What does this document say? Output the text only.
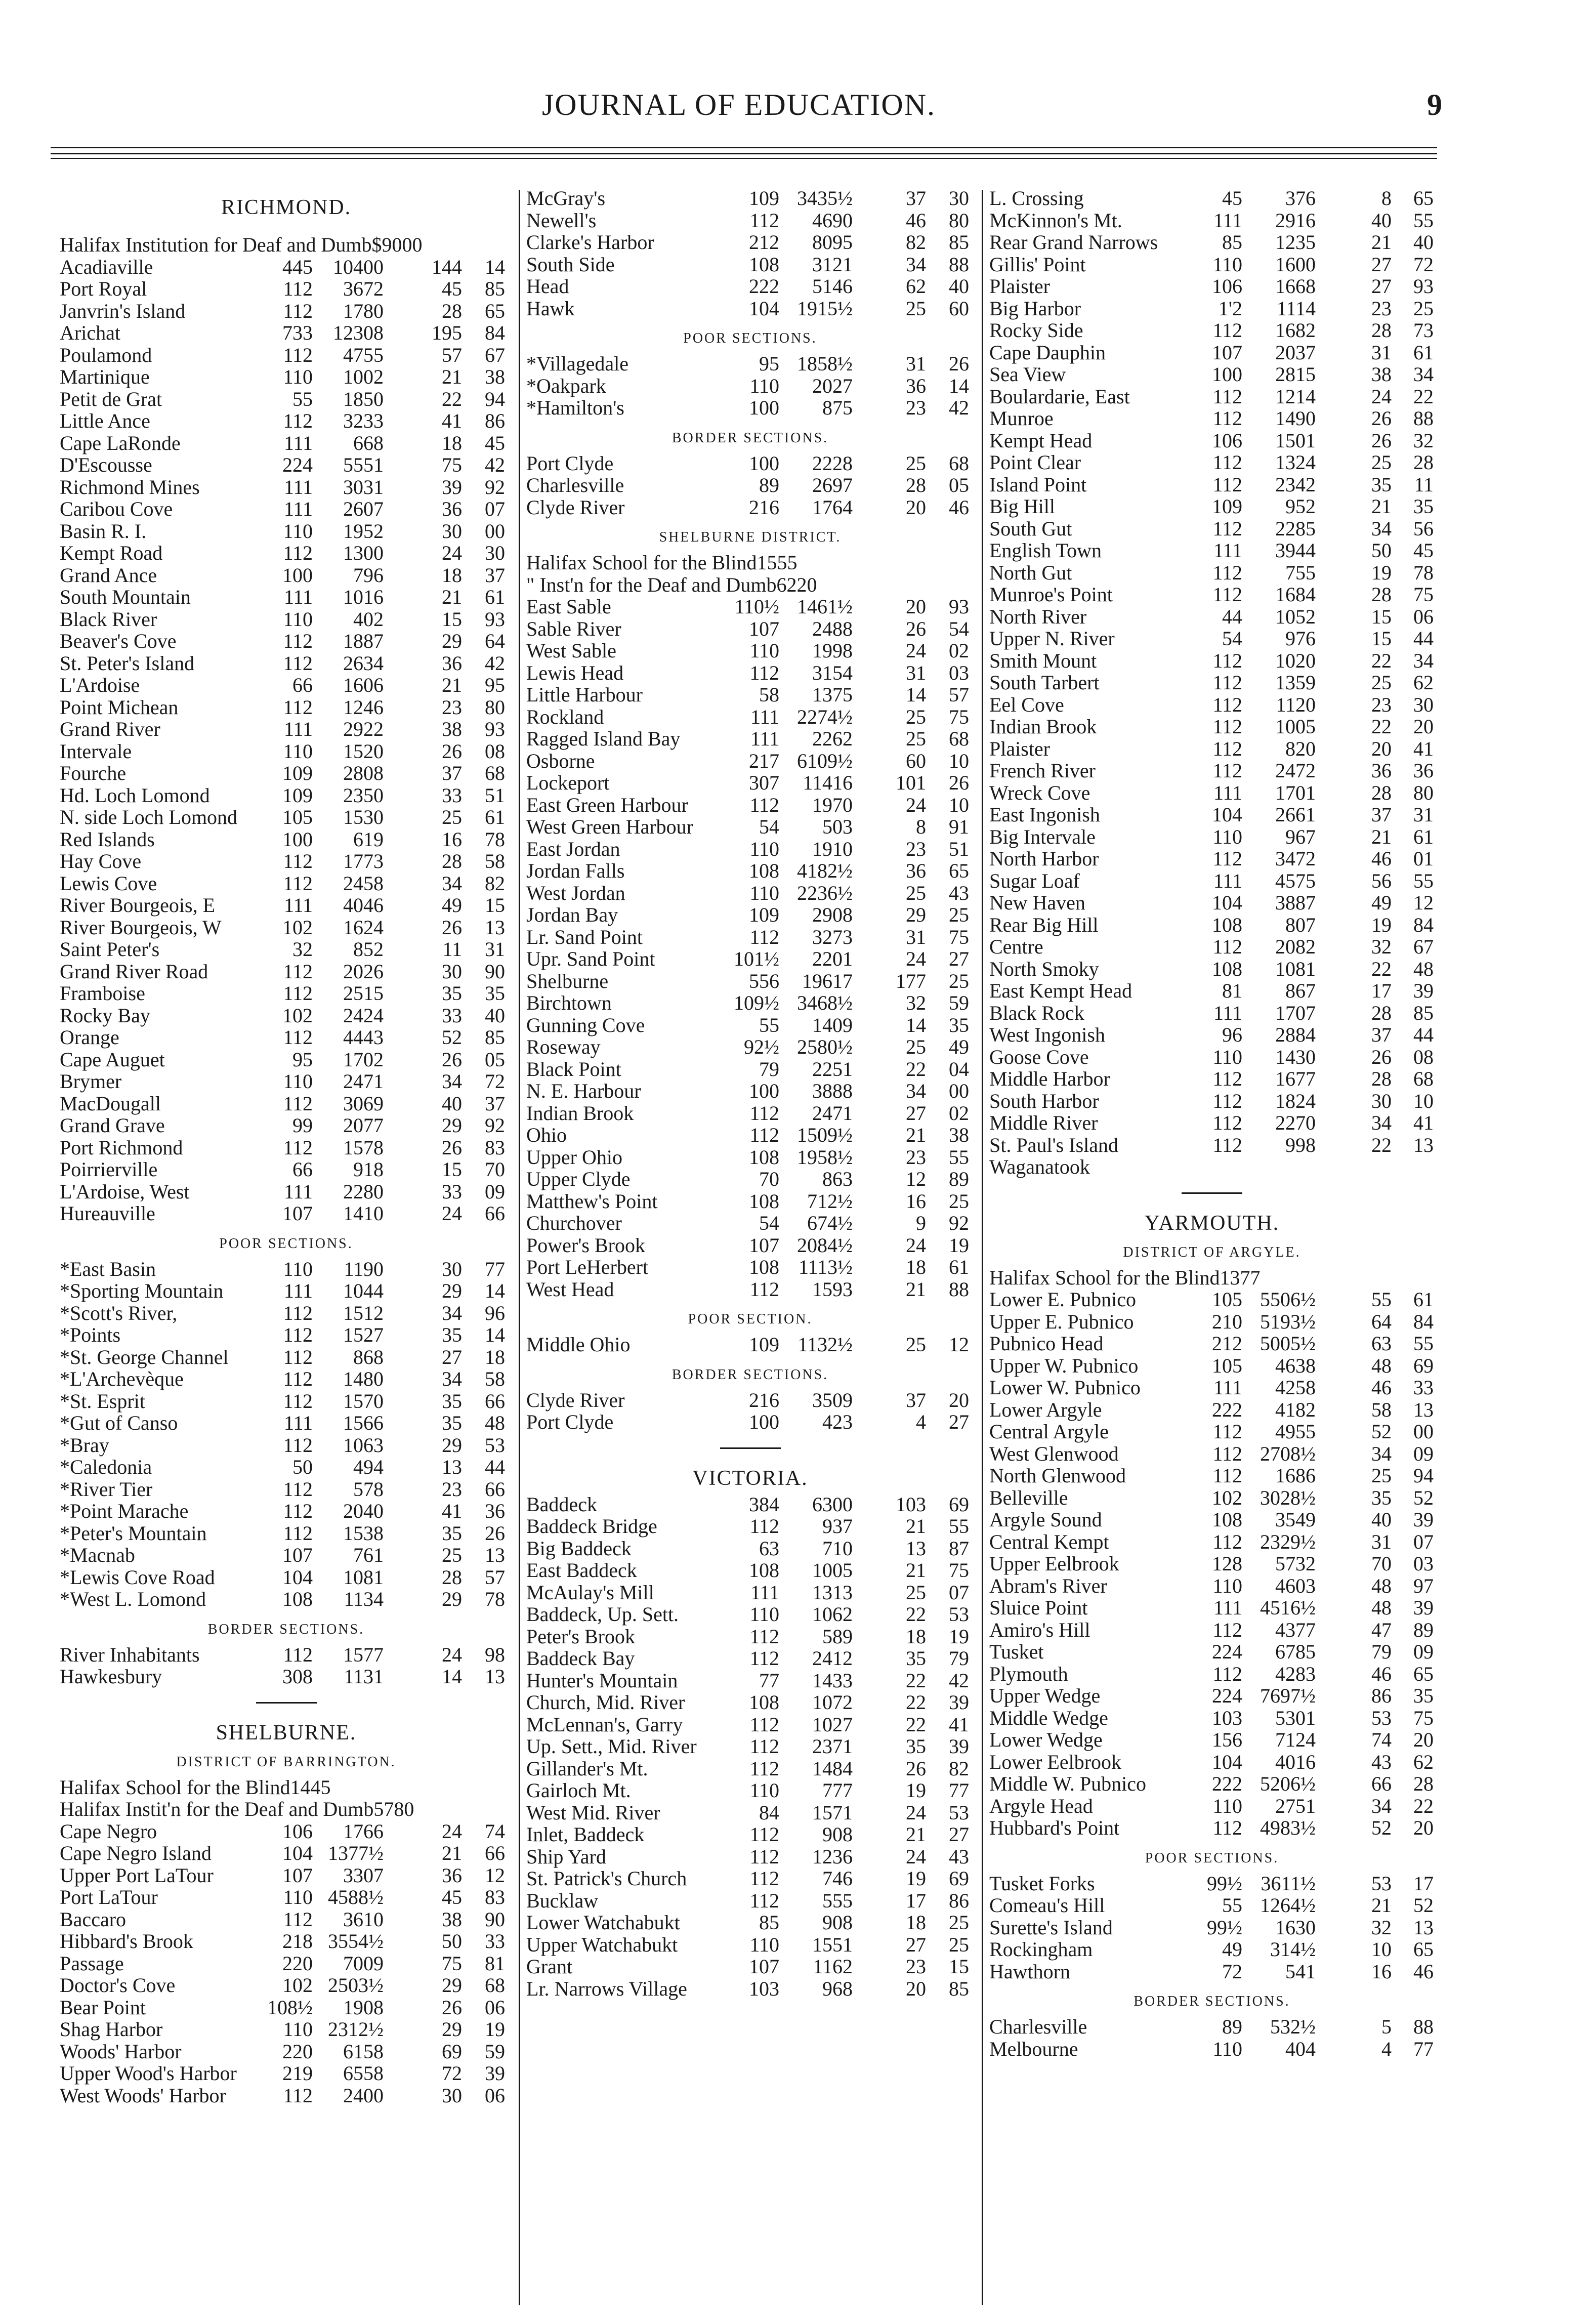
JOURNAL OF EDUCATION.	9
RICHMOND.
Halifax Institution for Deaf and Dumb$9000
Acadiaville	445 10400 144 14
Port Royal	112 3672	45 85
Janvrin's Island	112 1780	28 65
Arichat	733 12308 195 84
Poulamond	112 4755	57 67
Martinique	110 1002	21 38
Petit de Grat	55 1850	22 94
Little Ance	112 3233	41 86
Cape LaRonde	111 668	18 45
D'Escousse	224 5551	75 42
Richmond Mines	111 3031	39 92
Caribou Cove	111 2607	36 07
Basin R. I.	110 1952	30 00
Kempt Road	112 1300	24 30
Grand Ance	100 796	18 37
South Mountain	111 1016	21 61
Black River	110 402	15 93
Beaver's Cove	112 1887	29 64
St. Peter's Island	112 2634	36 42
L'Ardoise	66 1606	21 95
Point Michean	112 1246	23 80
Grand River	111 2922	38 93
Intervale	110 1520	26 08
Fourche	109 2808	37 68
Hd. Loch Lomond	109 2350	33 51
N. side Loch Lomond 105 1530	25 61
Red Islands	100 619	16 78
Hay Cove	112 1773	28 58
Lewis Cove	112 2458	34 82
River Bourgeois, E	111 4046	49 15
River Bourgeois, W	102 1624	26 13
Saint Peter's	32 852	11 31
Grand River Road	112 2026	30 90
Framboise	112 2515	35 35
Rocky Bay	102 2424	33 40
Orange	112 4443	52 85
Cape Auguet	95 1702	26 05
Brymer	110 2471	34 72
MacDougall	112 3069	40 37
Grand Grave	99 2077	29 92
Port Richmond	112 1578	26 83
Poirrierville	66 918	15 70
L'Ardoise, West	111 2280	33 09
Hureauville	107 1410	24 66
POOR SECTIONS.
*East Basin	110 1190	30 77
*Sporting Mountain	111 1044	29 14
*Scott's River,	112 1512	34 96
*Points	112 1527	35 14
*St. George Channel	112 868	27 18
*L'Archevèque	112 1480	34 58
*St. Esprit	112 1570	35 66
*Gut of Canso	111 1566	35 48
*Bray	112 1063	29 53
*Caledonia	50 494	13 44
*River Tier	112 578	23 66
*Point Marache	112 2040	41 36
*Peter's Mountain	112 1538	35 26
*Macnab	107 761	25 13
*Lewis Cove Road	104 1081	28 57
*West L. Lomond	108 1134	29 78
BORDER SECTIONS.
River Inhabitants	112 1577	24 98
Hawkesbury	308 1131	14 13
SHELBURNE.
DISTRICT OF BARRINGTON.
Halifax School for the Blind1445
Halifax Instit'n for the Deaf and Dumb5780
Cape Negro	106 1766	24 74
Cape Negro Island	104 1377½	21 66
Upper Port LaTour	107 3307	36 12
Port LaTour	110 4588½	45 83
Baccaro	112 3610	38 90
Hibbard's Brook	218 3554½	50 33
Passage	220 7009	75 81
Doctor's Cove	102 2503½	29 68
Bear Point	108½ 1908	26 06
Shag Harbor	110 2312½	29 19
Woods' Harbor	220 6158	69 59
Upper Wood's Harbor 219 6558	72 39
West Woods' Harbor	112 2400	30 06
McGray's	109 3435½	37 30
Newell's	112 4690	46 80
Clarke's Harbor	212 8095	82 85
South Side	108 3121	34 88
Head	222 5146	62 40
Hawk	104 1915½	25 60
POOR SECTIONS.
*Villagedale	95 1858½	31 26
*Oakpark	110 2027	36 14
*Hamilton's	100 875	23 42
BORDER SECTIONS.
Port Clyde	100 2228	25 68
Charlesville	89 2697	28 05
Clyde River	216 1764	20 46
SHELBURNE DISTRICT.
Halifax School for the Blind1555
" Inst'n for the Deaf and Dumb6220
East Sable	110½ 1461½	20 93
Sable River	107 2488	26 54
West Sable	110 1998	24 02
Lewis Head	112 3154	31 03
Little Harbour	58 1375	14 57
Rockland	111 2274½	25 75
Ragged Island Bay	111 2262	25 68
Osborne	217 6109½	60 10
Lockeport	307 11416 101 26
East Green Harbour	112 1970	24 10
West Green Harbour	54 503	8 91
East Jordan	110 1910	23 51
Jordan Falls	108 4182½	36 65
West Jordan	110 2236½	25 43
Jordan Bay	109 2908	29 25
Lr. Sand Point	112 3273	31 75
Upr. Sand Point	101½ 2201	24 27
Shelburne	556 19617 177 25
Birchtown	109½ 3468½	32 59
Gunning Cove	55 1409	14 35
Roseway	92½ 2580½	25 49
Black Point	79 2251	22 04
N. E. Harbour	100 3888	34 00
Indian Brook	112 2471	27 02
Ohio	112 1509½	21 38
Upper Ohio	108 1958½	23 55
Upper Clyde	70 863	12 89
Matthew's Point	108 712½	16 25
Churchover	54 674½	9 92
Power's Brook	107 2084½	24 19
Port LeHerbert	108 1113½	18 61
West Head	112 1593	21 88
POOR SECTION.
Middle Ohio	109 1132½	25 12
BORDER SECTIONS.
Clyde River	216 3509	37 20
Port Clyde	100 423	4 27
VICTORIA.
Baddeck	384 6300 103 69
Baddeck Bridge	112 937	21 55
Big Baddeck	63 710	13 87
East Baddeck	108 1005	21 75
McAulay's Mill	111 1313	25 07
Baddeck, Up. Sett.	110 1062	22 53
Peter's Brook	112 589	18 19
Baddeck Bay	112 2412	35 79
Hunter's Mountain	77 1433	22 42
Church, Mid. River	108 1072	22 39
McLennan's, Garry	112 1027	22 41
Up. Sett., Mid. River	112 2371	35 39
Gillander's Mt.	112 1484	26 82
Gairloch Mt.	110 777	19 77
West Mid. River	84 1571	24 53
Inlet, Baddeck	112 908	21 27
Ship Yard	112 1236	24 43
St. Patrick's Church	112 746	19 69
Bucklaw	112 555	17 86
Lower Watchabukt	85 908	18 25
Upper Watchabukt	110 1551	27 25
Grant	107 1162	23 15
Lr. Narrows Village	103 968	20 85
L. Crossing	45 376	8 65
McKinnon's Mt.	111 2916	40 55
Rear Grand Narrows	85 1235	21 40
Gillis' Point	110 1600	27 72
Plaister	106 1668	27 93
Big Harbor	1'2 1114	23 25
Rocky Side	112 1682	28 73
Cape Dauphin	107 2037	31 61
Sea View	100 2815	38 34
Boulardarie, East	112 1214	24 22
Munroe	112 1490	26 88
Kempt Head	106 1501	26 32
Point Clear	112 1324	25 28
Island Point	112 2342	35 11
Big Hill	109 952	21 35
South Gut	112 2285	34 56
English Town	111 3944	50 45
North Gut	112 755	19 78
Munroe's Point	112 1684	28 75
North River	44 1052	15 06
Upper N. River	54 976	15 44
Smith Mount	112 1020	22 34
South Tarbert	112 1359	25 62
Eel Cove	112 1120	23 30
Indian Brook	112 1005	22 20
Plaister	112 820	20 41
French River	112 2472	36 36
Wreck Cove	111 1701	28 80
East Ingonish	104 2661	37 31
Big Intervale	110 967	21 61
North Harbor	112 3472	46 01
Sugar Loaf	111 4575	56 55
New Haven	104 3887	49 12
Rear Big Hill	108 807	19 84
Centre	112 2082	32 67
North Smoky	108 1081	22 48
East Kempt Head	81 867	17 39
Black Rock	111 1707	28 85
West Ingonish	96 2884	37 44
Goose Cove	110 1430	26 08
Middle Harbor	112 1677	28 68
South Harbor	112 1824	30 10
Middle River	112 2270	34 41
St. Paul's Island	112 998	22 13
Waganatook
YARMOUTH.
DISTRICT OF ARGYLE.
Halifax School for the Blind1377
Lower E. Pubnico	105 5506½	55 61
Upper E. Pubnico	210 5193½	64 84
Pubnico Head	212 5005½	63 55
Upper W. Pubnico	105 4638	48 69
Lower W. Pubnico	111 4258	46 33
Lower Argyle	222 4182	58 13
Central Argyle	112 4955	52 00
West Glenwood	112 2708½	34 09
North Glenwood	112 1686	25 94
Belleville	102 3028½	35 52
Argyle Sound	108 3549	40 39
Central Kempt	112 2329½	31 07
Upper Eelbrook	128 5732	70 03
Abram's River	110 4603	48 97
Sluice Point	111 4516½	48 39
Amiro's Hill	112 4377	47 89
Tusket	224 6785	79 09
Plymouth	112 4283	46 65
Upper Wedge	224 7697½	86 35
Middle Wedge	103 5301	53 75
Lower Wedge	156 7124	74 20
Lower Eelbrook	104 4016	43 62
Middle W. Pubnico	222 5206½	66 28
Argyle Head	110 2751	34 22
Hubbard's Point	112 4983½	52 20
POOR SECTIONS.
Tusket Forks	99½ 3611½	53 17
Comeau's Hill	55 1264½	21 52
Surette's Island	99½ 1630	32 13
Rockingham	49 314½	10 65
Hawthorn	72 541	16 46
BORDER SECTIONS.
Charlesville	89 532½	5 88
Melbourne	110 404	4 77
